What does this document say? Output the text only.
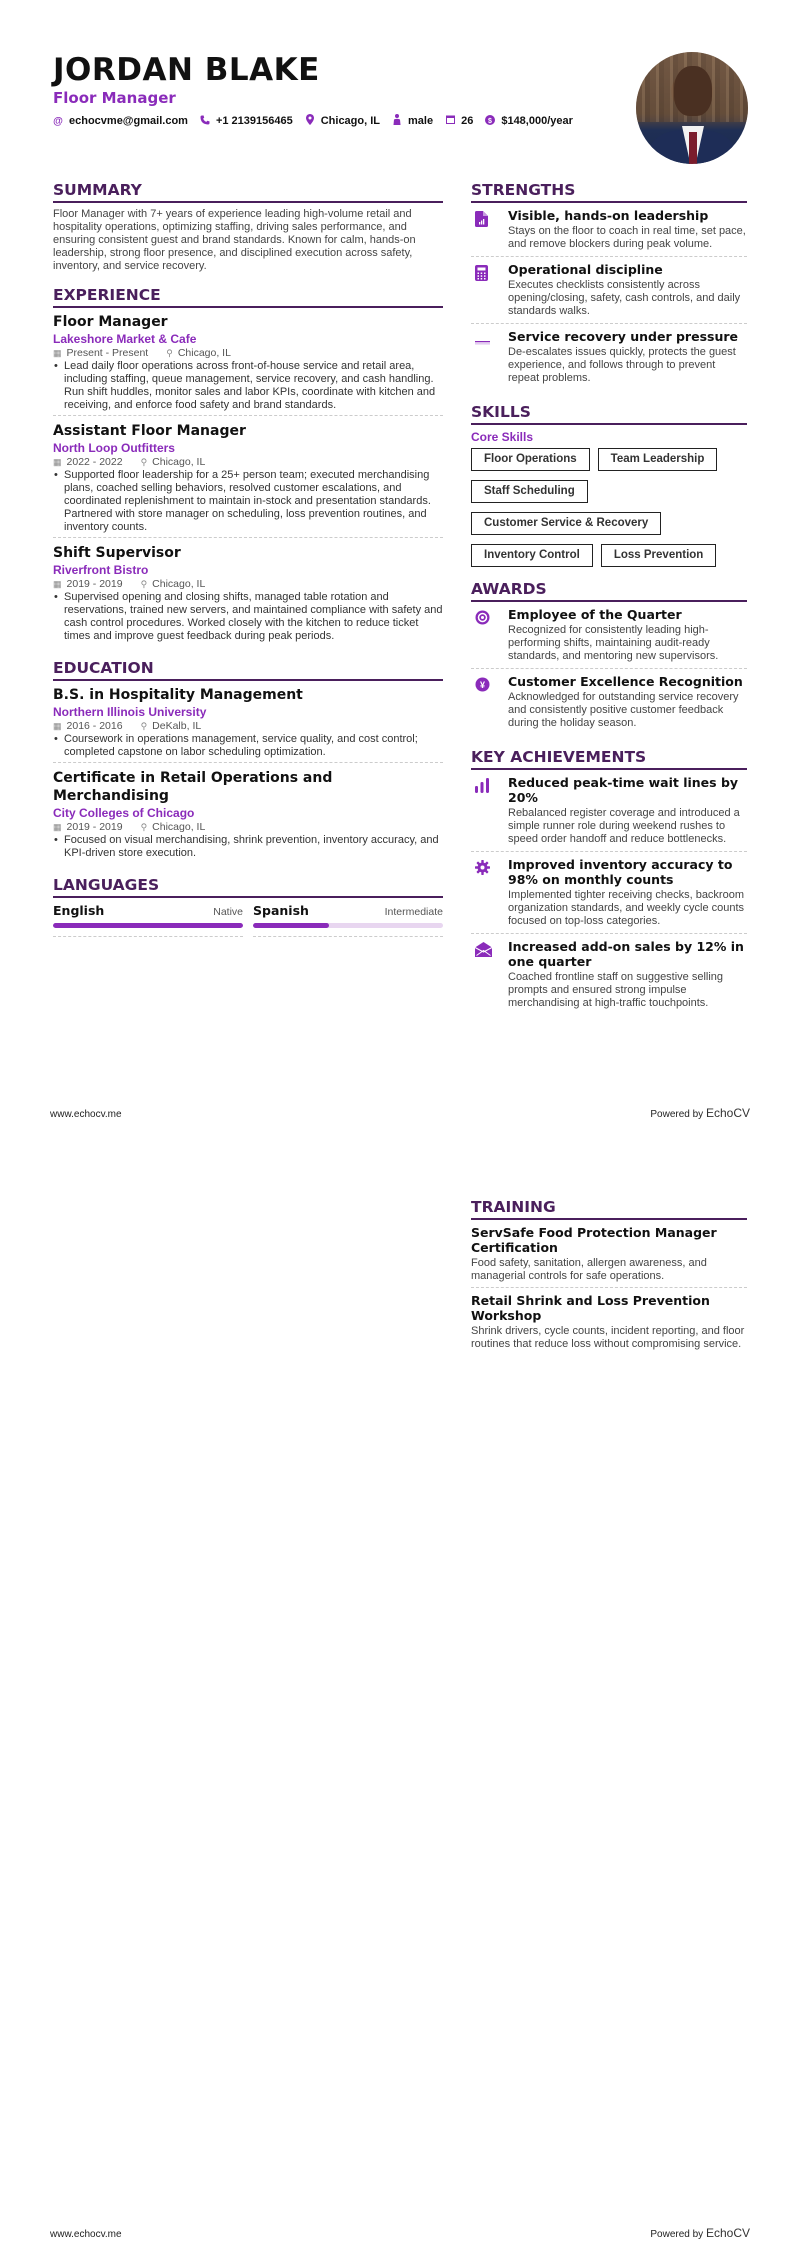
JORDAN BLAKE
Floor Manager
@ echocvme@gmail.com	+1 2139156465	Chicago, IL	male	26 $ $148,000/year
SUMMARY
Floor Manager with 7+ years of experience leading high-volume retail and hospitality operations, optimizing staffing, driving sales performance, and ensuring consistent guest and brand standards. Known for calm, hands-on leadership, strong floor presence, and disciplined execution across safety, inventory, and service recovery.
EXPERIENCE
Floor Manager
Lakeshore Market & Cafe
▦ Present - Present ⚲ Chicago, IL
• Lead daily floor operations across front-of-house service and retail area, including staffing, queue management, service recovery, and cash handling. Run shift huddles, monitor sales and labor KPIs, coordinate with kitchen and receiving, and enforce food safety and brand standards.
Assistant Floor Manager
North Loop Outfitters
▦ 2022 - 2022 ⚲ Chicago, IL
• Supported floor leadership for a 25+ person team; executed merchandising plans, coached selling behaviors, resolved customer escalations, and coordinated replenishment to maintain in-stock and presentation standards. Partnered with store manager on scheduling, loss prevention routines, and inventory counts.
Shift Supervisor
Riverfront Bistro
▦ 2019 - 2019 ⚲ Chicago, IL
• Supervised opening and closing shifts, managed table rotation and reservations, trained new servers, and maintained compliance with safety and cash control procedures. Worked closely with the kitchen to reduce ticket times and improve guest feedback during peak periods.
EDUCATION
B.S. in Hospitality Management
Northern Illinois University
▦ 2016 - 2016 ⚲ DeKalb, IL
• Coursework in operations management, service quality, and cost control; completed capstone on labor scheduling optimization.
Certificate in Retail Operations and Merchandising
City Colleges of Chicago
▦ 2019 - 2019 ⚲ Chicago, IL
• Focused on visual merchandising, shrink prevention, inventory accuracy, and KPI-driven store execution.
LANGUAGES
English	Native Spanish	Intermediate
STRENGTHS
Visible, hands-on leadership
Stays on the floor to coach in real time, set pace, and remove blockers during peak volume.
Operational discipline
Executes checklists consistently across opening/closing, safety, cash controls, and daily standards walks.
Service recovery under pressure
De-escalates issues quickly, protects the guest experience, and follows through to prevent repeat problems.
SKILLS
Core Skills
Floor Operations	Team Leadership
Staff Scheduling
Customer Service & Recovery
Inventory Control	Loss Prevention
AWARDS
Employee of the Quarter
Recognized for consistently leading high-performing shifts, maintaining audit-ready standards, and mentoring new supervisors.
¥ Customer Excellence Recognition
Acknowledged for outstanding service recovery and consistently positive customer feedback during the holiday season.
KEY ACHIEVEMENTS
Reduced peak-time wait lines by 20%
Rebalanced register coverage and introduced a simple runner role during weekend rushes to speed order handoff and reduce bottlenecks.
Improved inventory accuracy to 98% on monthly counts
Implemented tighter receiving checks, backroom organization standards, and weekly cycle counts focused on top-loss categories.
Increased add-on sales by 12% in one quarter
Coached frontline staff on suggestive selling prompts and ensured strong impulse merchandising at high-traffic touchpoints.
www.echocv.me	Powered by EchoCV
TRAINING
ServSafe Food Protection Manager Certification
Food safety, sanitation, allergen awareness, and managerial controls for safe operations.
Retail Shrink and Loss Prevention Workshop
Shrink drivers, cycle counts, incident reporting, and floor routines that reduce loss without compromising service.
www.echocv.me	Powered by EchoCV
